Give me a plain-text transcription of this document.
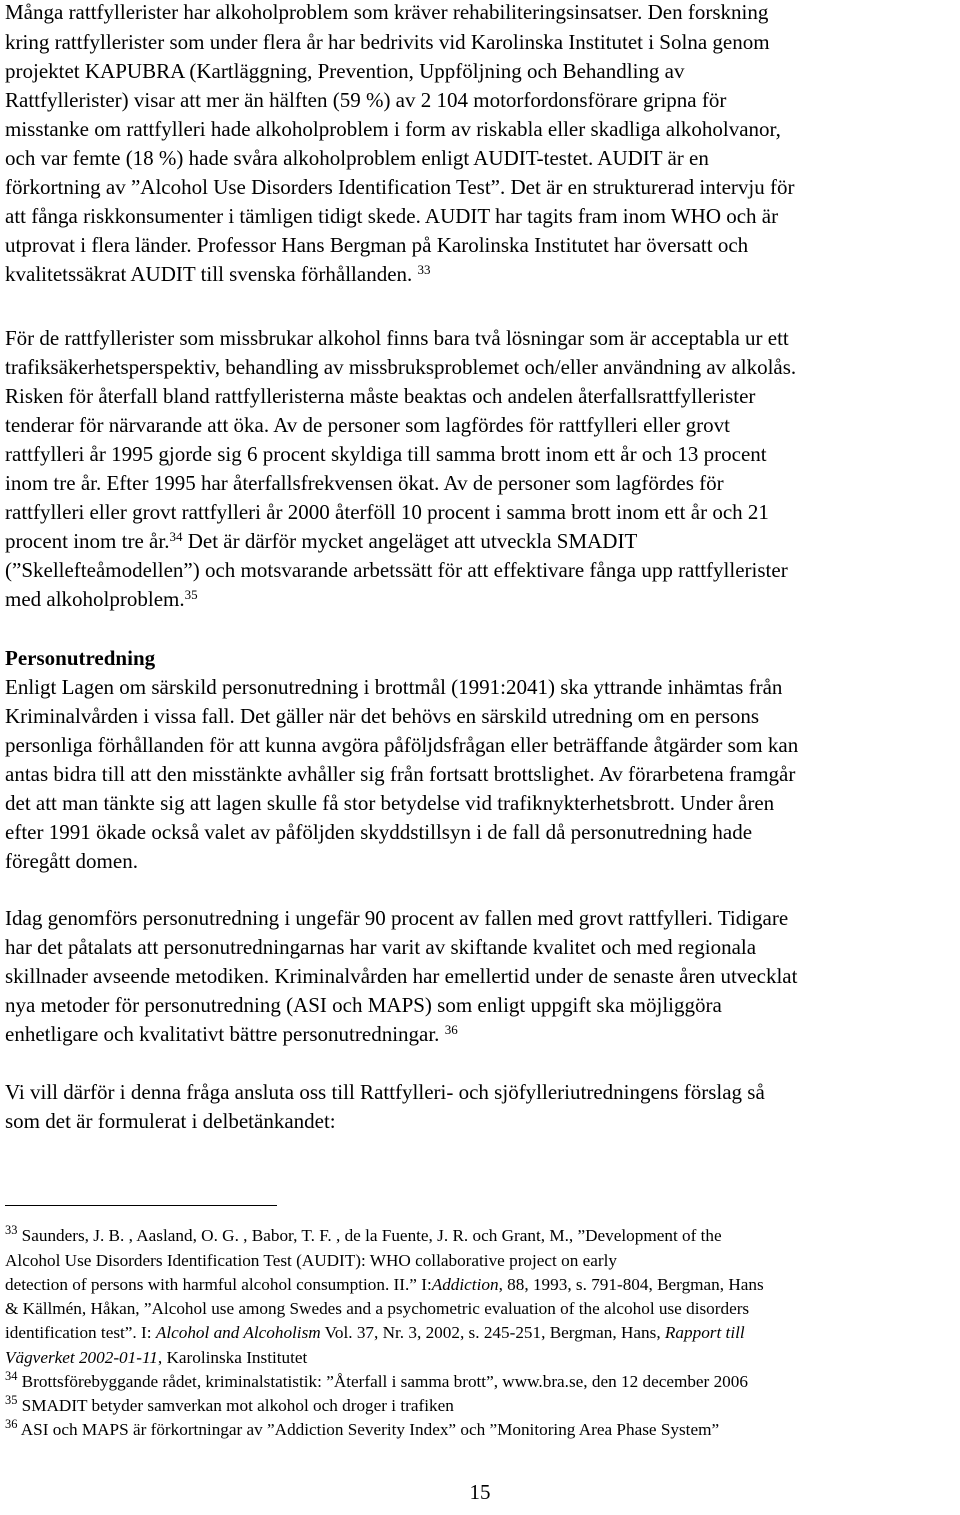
Många rattfyllerister har alkoholproblem som kräver rehabiliteringsinsatser. Den forskning
kring rattfyllerister som under flera år har bedrivits vid Karolinska Institutet i Solna genom
projektet KAPUBRA (Kartläggning, Prevention, Uppföljning och Behandling av
Rattfyllerister) visar att mer än hälften (59 %) av 2 104 motorfordonsförare gripna för
misstanke om rattfylleri hade alkoholproblem i form av riskabla eller skadliga alkoholvanor,
och var femte (18 %) hade svåra alkoholproblem enligt AUDIT-testet. AUDIT är en
förkortning av ”Alcohol Use Disorders Identification Test”. Det är en strukturerad intervju för
att fånga riskkonsumenter i tämligen tidigt skede. AUDIT har tagits fram inom WHO och är
utprovat i flera länder. Professor Hans Bergman på Karolinska Institutet har översatt och
kvalitetssäkrat AUDIT till svenska förhållanden. $^{33}$
För de rattfyllerister som missbrukar alkohol finns bara två lösningar som är acceptabla ur ett
trafiksäkerhetsperspektiv, behandling av missbruksproblemet och/eller användning av alkolås.
Risken för återfall bland rattfylleristerna måste beaktas och andelen återfallsrattfyllerister
tenderar för närvarande att öka. Av de personer som lagfördes för rattfylleri eller grovt
rattfylleri år 1995 gjorde sig 6 procent skyldiga till samma brott inom ett år och 13 procent
inom tre år. Efter 1995 har återfallsfrekvensen ökat. Av de personer som lagfördes för
rattfylleri eller grovt rattfylleri år 2000 återföll 10 procent i samma brott inom ett år och 21
procent inom tre år.$^{34}$ Det är därför mycket angeläget att utveckla SMADIT
(”Skellefteåmodellen”) och motsvarande arbetssätt för att effektivare fånga upp rattfyllerister
med alkoholproblem.$^{35}$
Personutredning
Enligt Lagen om särskild personutredning i brottmål (1991:2041) ska yttrande inhämtas från
Kriminalvården i vissa fall. Det gäller när det behövs en särskild utredning om en persons
personliga förhållanden för att kunna avgöra påföljdsfrågan eller beträffande åtgärder som kan
antas bidra till att den misstänkte avhåller sig från fortsatt brottslighet. Av förarbetena framgår
det att man tänkte sig att lagen skulle få stor betydelse vid trafiknykterhetsbrott. Under åren
efter 1991 ökade också valet av påföljden skyddstillsyn i de fall då personutredning hade
föregått domen.
Idag genomförs personutredning i ungefär 90 procent av fallen med grovt rattfylleri. Tidigare
har det påtalats att personutredningarnas har varit av skiftande kvalitet och med regionala
skillnader avseende metodiken. Kriminalvården har emellertid under de senaste åren utvecklat
nya metoder för personutredning (ASI och MAPS) som enligt uppgift ska möjliggöra
enhetligare och kvalitativt bättre personutredningar. $^{36}$
Vi vill därför i denna fråga ansluta oss till Rattfylleri- och sjöfylleriutredningens förslag så
som det är formulerat i delbetänkandet:
$^{33}$ Saunders, J. B. , Aasland, O. G. , Babor, T. F. , de la Fuente, J. R. och Grant, M., ”Development of the
Alcohol Use Disorders Identification Test (AUDIT): WHO collaborative project on early
detection of persons with harmful alcohol consumption. II.” I:Addiction, 88, 1993, s. 791-804, Bergman, Hans
& Källmén, Håkan, ”Alcohol use among Swedes and a psychometric evaluation of the alcohol use disorders
identification test”. I: Alcohol and Alcoholism Vol. 37, Nr. 3, 2002, s. 245-251, Bergman, Hans, Rapport till
Vägverket 2002-01-11, Karolinska Institutet
$^{34}$ Brottsförebyggande rådet, kriminalstatistik: ”Återfall i samma brott”, www.bra.se, den 12 december 2006
$^{35}$ SMADIT betyder samverkan mot alkohol och droger i trafiken
$^{36}$ ASI och MAPS är förkortningar av ”Addiction Severity Index” och ”Monitoring Area Phase System”
15
